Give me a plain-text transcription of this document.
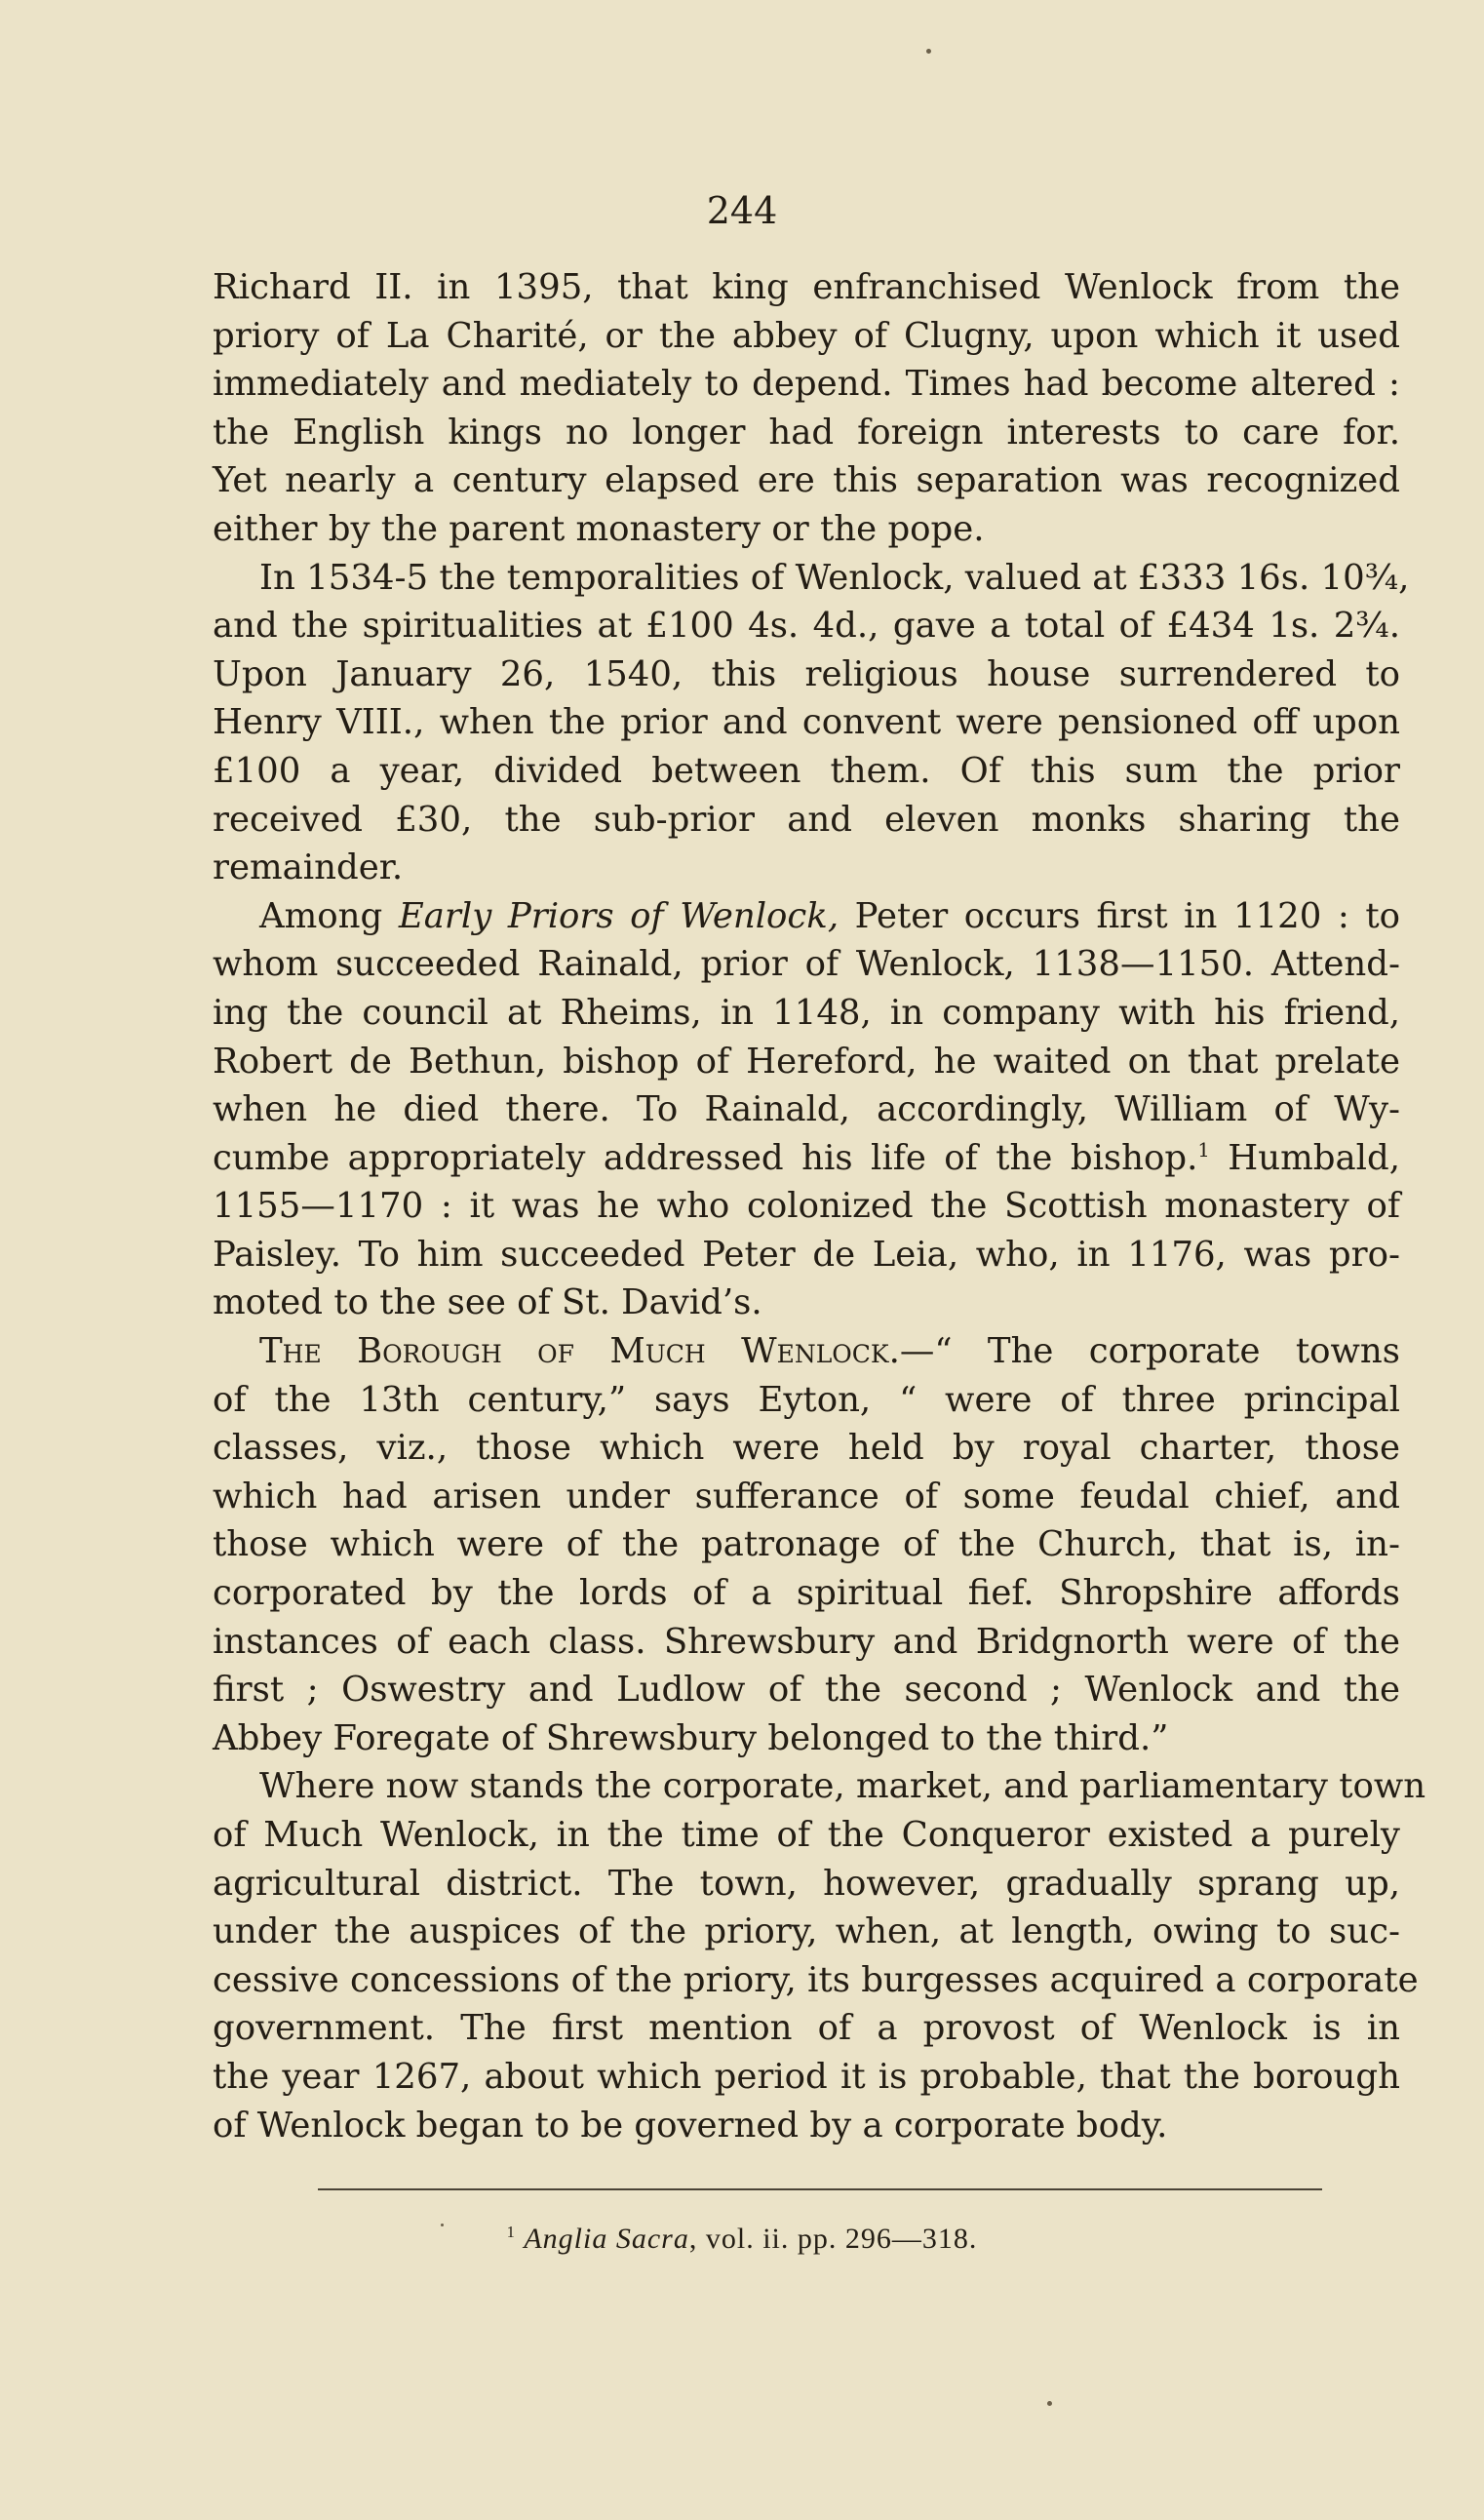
244
Richard II. in 1395, that king enfranchised Wenlock from the
priory of La Charité, or the abbey of Clugny, upon which it used
immediately and mediately to depend. Times had become altered :
the English kings no longer had foreign interests to care for.
Yet nearly a century elapsed ere this separation was recognized
either by the parent monastery or the pope.
In 1534-5 the temporalities of Wenlock, valued at £333 16s. 10¾,
and the spiritualities at £100 4s. 4d., gave a total of £434 1s. 2¾.
Upon January 26, 1540, this religious house surrendered to
Henry VIII., when the prior and convent were pensioned off upon
£100 a year, divided between them. Of this sum the prior
received £30, the sub-prior and eleven monks sharing the
remainder.
Among Early Priors of Wenlock, Peter occurs first in 1120 : to
whom succeeded Rainald, prior of Wenlock, 1138—1150. Attend-
ing the council at Rheims, in 1148, in company with his friend,
Robert de Bethun, bishop of Hereford, he waited on that prelate
when he died there. To Rainald, accordingly, William of Wy-
cumbe appropriately addressed his life of the bishop.$^1$ Humbald,
1155—1170 : it was he who colonized the Scottish monastery of
Paisley. To him succeeded Peter de Leia, who, in 1176, was pro-
moted to the see of St. David’s.
The Borough of Much Wenlock.—“ The corporate towns
of the 13th century,” says Eyton, “ were of three principal
classes, viz., those which were held by royal charter, those
which had arisen under sufferance of some feudal chief, and
those which were of the patronage of the Church, that is, in-
corporated by the lords of a spiritual fief. Shropshire affords
instances of each class. Shrewsbury and Bridgnorth were of the
first ; Oswestry and Ludlow of the second ; Wenlock and the
Abbey Foregate of Shrewsbury belonged to the third.”
Where now stands the corporate, market, and parliamentary town
of Much Wenlock, in the time of the Conqueror existed a purely
agricultural district. The town, however, gradually sprang up,
under the auspices of the priory, when, at length, owing to suc-
cessive concessions of the priory, its burgesses acquired a corporate
government. The first mention of a provost of Wenlock is in
the year 1267, about which period it is probable, that the borough
of Wenlock began to be governed by a corporate body.
$^1$ Anglia Sacra, vol. ii. pp. 296—318.
